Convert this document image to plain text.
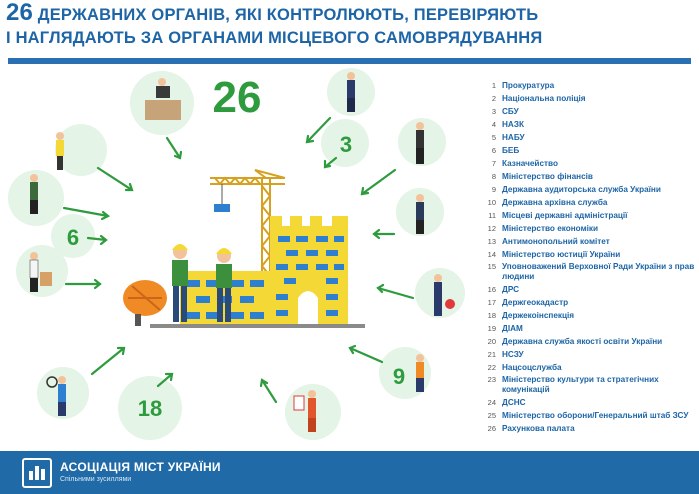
26 ДЕРЖАВНИХ ОРГАНІВ, ЯКІ КОНТРОЛЮЮТЬ, ПЕРЕВІРЯЮТЬ
І НАГЛЯДАЮТЬ ЗА ОРГАНАМИ МІСЦЕВОГО САМОВРЯДУВАННЯ
26
3
6
9
18
1 Прокуратура
2 Національна поліція
3 СБУ
4 НАЗК
5 НАБУ
6 БЕБ
7 Казначейство
8 Міністерство фінансів
9 Державна аудиторська служба України
10 Державна архівна служба
11 Місцеві державні адміністрації
12 Міністерство економіки
13 Антимонопольний комітет
14 Міністерство юстиції України
15 Уповноважений Верховної Ради України з прав людини
16 ДРС
17 Держгеокадастр
18 Держекоінспекція
19 ДІАМ
20 Державна служба якості освіти України
21 НСЗУ
22 Нацсоцслужба
23 Міністерство культури та стратегічних комунікацій
24 ДСНС
25 Міністерство оборони/Генеральний штаб ЗСУ
26 Рахункова палата
АСОЦІАЦІЯ МІСТ УКРАЇНИ
Спільними зусиллями
